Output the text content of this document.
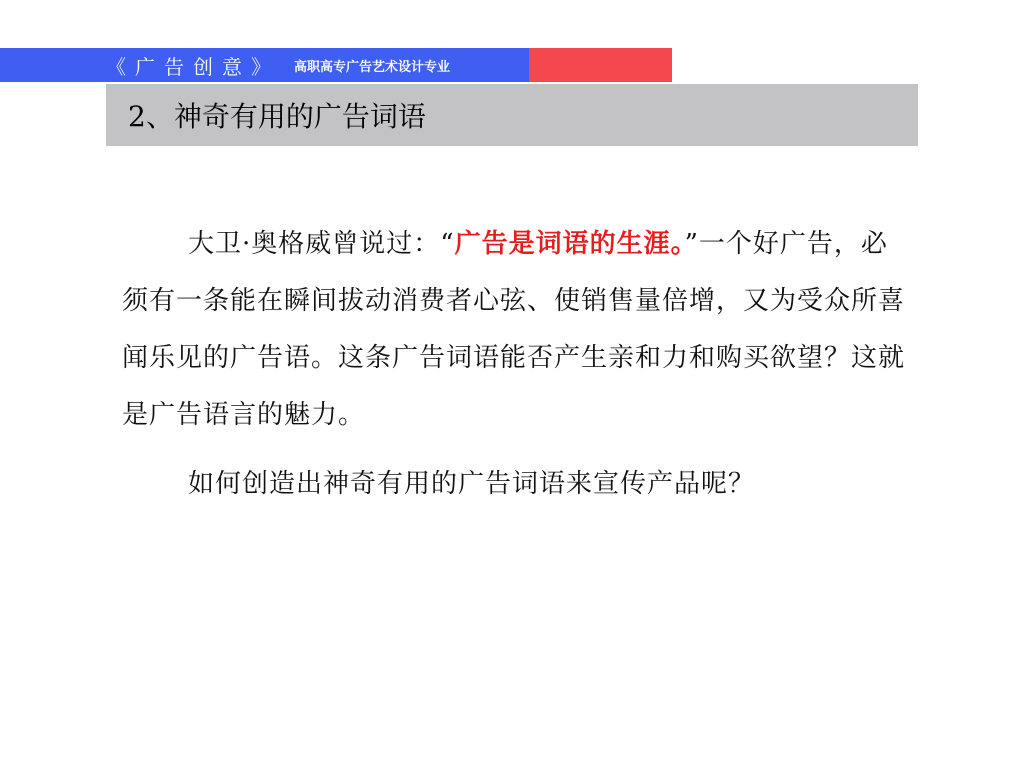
《广告创意》 高职高专广告艺术设计专业
2、神奇有用的广告词语

大卫·奥格威曾说过：“广告是词语的生涯。”一个好广告，必须有一条能在瞬间拔动消费者心弦、使销售量倍增，又为受众所喜闻乐见的广告语。这条广告词语能否产生亲和力和购买欲望？这就是广告语言的魅力。

如何创造出神奇有用的广告词语来宣传产品呢？
